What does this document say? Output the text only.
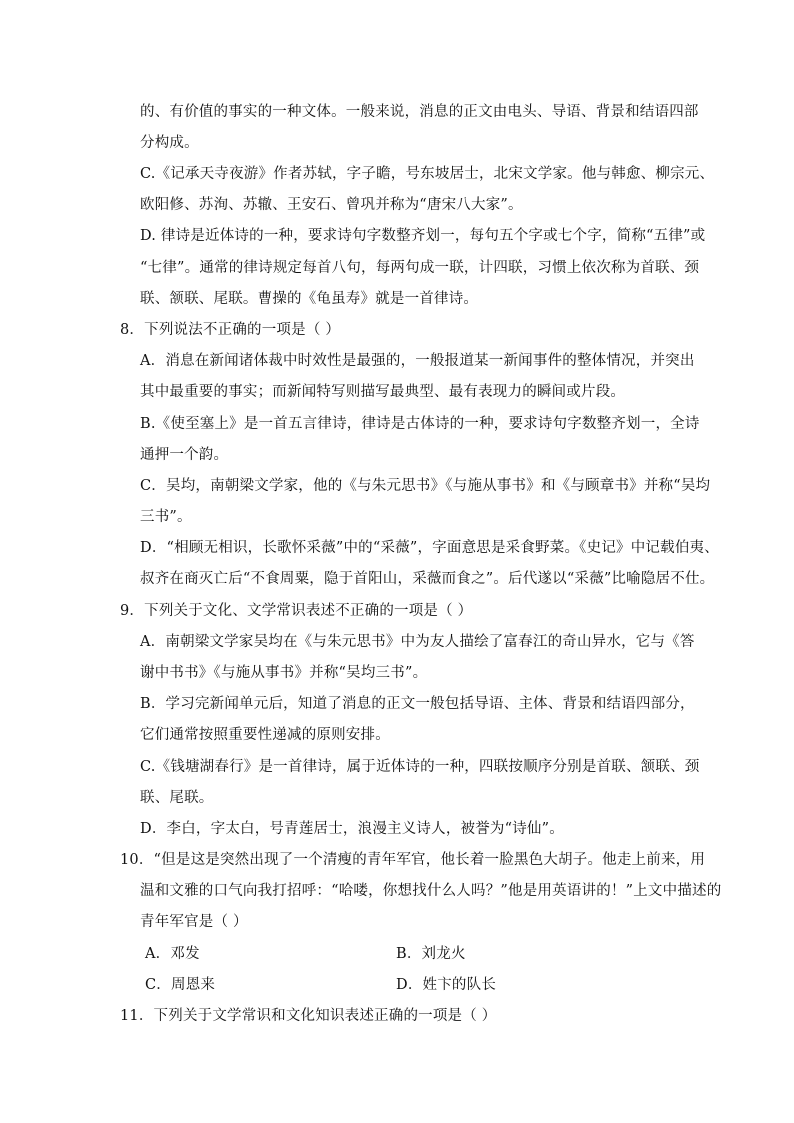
的、有价值的事实的一种文体。一般来说，消息的正文由电头、导语、背景和结语四部
分构成。
C.《记承天寺夜游》作者苏轼，字子瞻，号东坡居士，北宋文学家。他与韩愈、柳宗元、
欧阳修、苏洵、苏辙、王安石、曾巩并称为“唐宋八大家”。
D. 律诗是近体诗的一种，要求诗句字数整齐划一，每句五个字或七个字，简称“五律”或
“七律”。通常的律诗规定每首八句，每两句成一联，计四联，习惯上依次称为首联、颈
联、颔联、尾联。曹操的《龟虽寿》就是一首律诗。
8．下列说法不正确的一项是（ ）
A．消息在新闻诸体裁中时效性是最强的，一般报道某一新闻事件的整体情况，并突出
其中最重要的事实；而新闻特写则描写最典型、最有表现力的瞬间或片段。
B.《使至塞上》是一首五言律诗，律诗是古体诗的一种，要求诗句字数整齐划一，全诗
通押一个韵。
C．吴均，南朝梁文学家，他的《与朱元思书》《与施从事书》和《与顾章书》并称“吴均
三书”。
D．“相顾无相识，长歌怀采薇”中的“采薇”，字面意思是采食野菜。《史记》中记载伯夷、
叔齐在商灭亡后“不食周粟，隐于首阳山，采薇而食之”。后代遂以“采薇”比喻隐居不仕。
9．下列关于文化、文学常识表述不正确的一项是（ ）
A．南朝梁文学家吴均在《与朱元思书》中为友人描绘了富春江的奇山异水，它与《答
谢中书书》《与施从事书》并称“吴均三书”。
B．学习完新闻单元后，知道了消息的正文一般包括导语、主体、背景和结语四部分，
它们通常按照重要性递减的原则安排。
C.《钱塘湖春行》是一首律诗，属于近体诗的一种，四联按顺序分别是首联、颔联、颈
联、尾联。
D．李白，字太白，号青莲居士，浪漫主义诗人，被誉为“诗仙”。
10．“但是这是突然出现了一个清瘦的青年军官，他长着一脸黑色大胡子。他走上前来，用
温和文雅的口气向我打招呼：“哈喽，你想找什么人吗？”他是用英语讲的！”上文中描述的
青年军官是（ ）
A．邓发	B．刘龙火
C．周恩来	D．姓卞的队长
11．下列关于文学常识和文化知识表述正确的一项是（ ）
